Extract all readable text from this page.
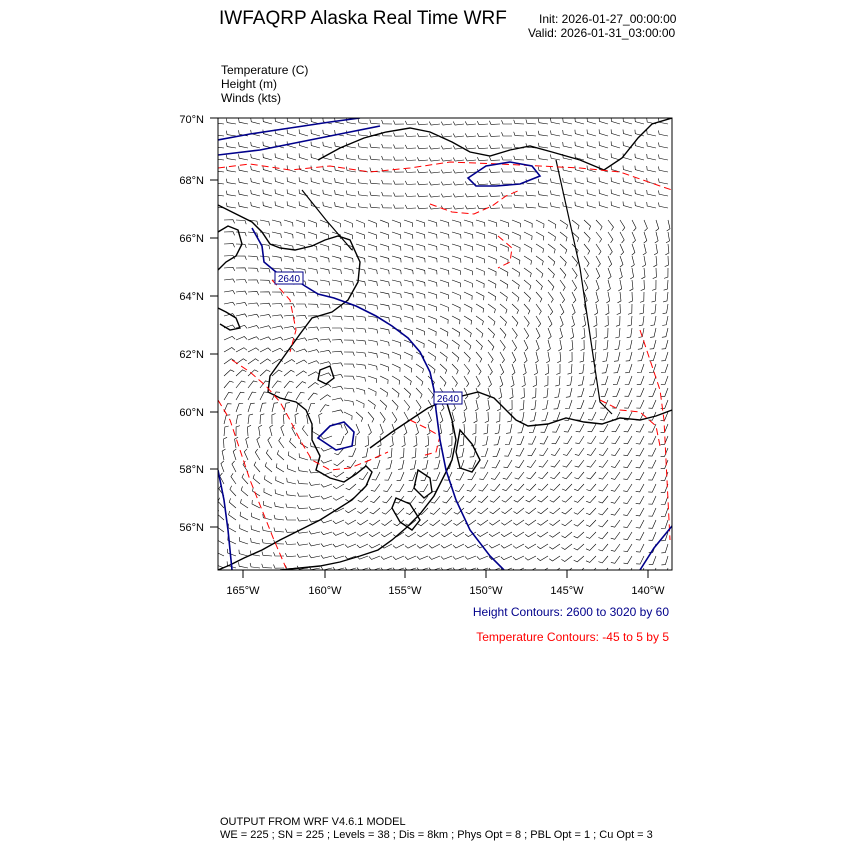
IWFAQRP Alaska Real Time WRF	Init: 2026-01-27_00:00:00
Valid: 2026-01-31_03:00:00
Temperature (C)
Height (m)
Winds (kts)
2640
2640
70°N
68°N
66°N
64°N
62°N
60°N
58°N
56°N
165°W	160°W	155°W	150°W	145°W	140°W
Height Contours: 2600 to 3020 by 60
Temperature Contours: -45 to 5 by 5
OUTPUT FROM WRF V4.6.1 MODEL
WE = 225 ; SN = 225 ; Levels = 38 ; Dis = 8km ; Phys Opt = 8 ; PBL Opt = 1 ; Cu Opt = 3
